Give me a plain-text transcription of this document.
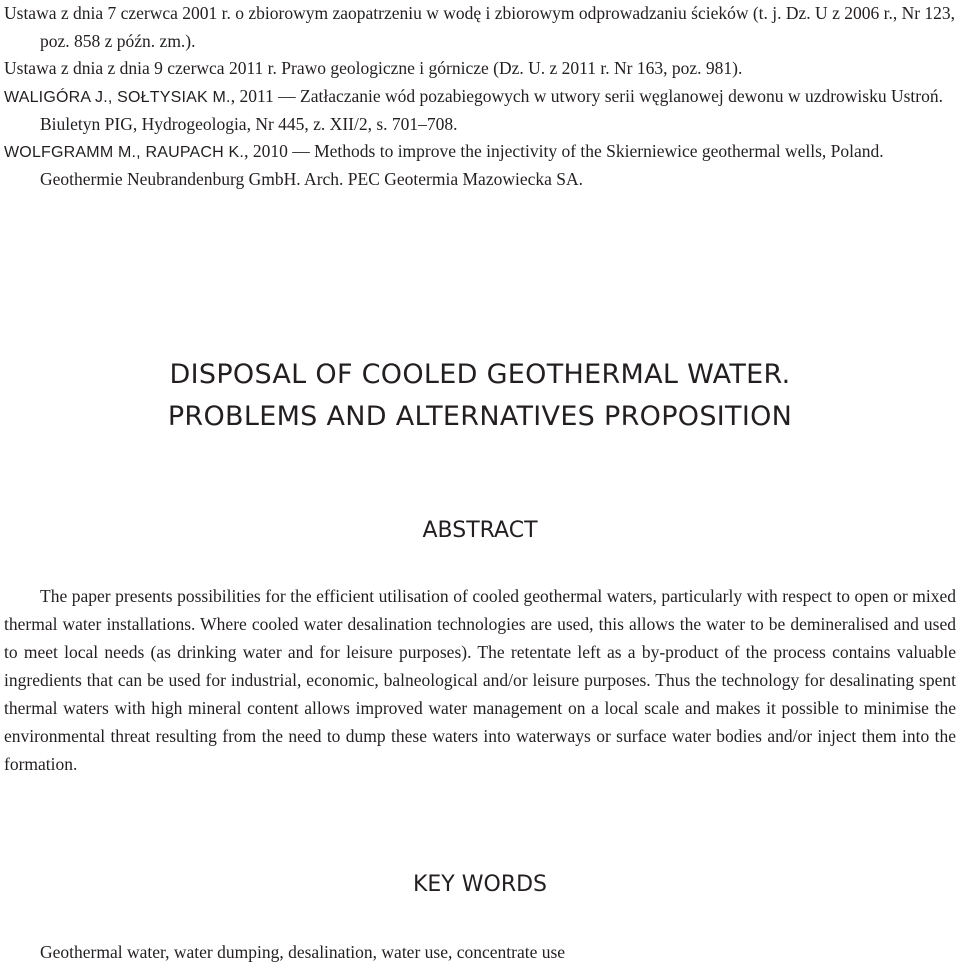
Ustawa z dnia 7 czerwca 2001 r. o zbiorowym zaopatrzeniu w wodę i zbiorowym odprowadzaniu ścieków (t. j. Dz. U z 2006 r., Nr 123, poz. 858 z późn. zm.).

Ustawa z dnia z dnia 9 czerwca 2011 r. Prawo geologiczne i górnicze (Dz. U. z 2011 r. Nr 163, poz. 981).

WALIGÓRA J., SOŁTYSIAK M., 2011 — Zatłaczanie wód pozabiegowych w utwory serii węglanowej dewonu w uzdrowisku Ustroń. Biuletyn PIG, Hydrogeologia, Nr 445, z. XII/2, s. 701–708.

WOLFGRAMM M., RAUPACH K., 2010 — Methods to improve the injectivity of the Skierniewice geothermal wells, Poland. Geothermie Neubrandenburg GmbH. Arch. PEC Geotermia Mazowiecka SA.

DISPOSAL OF COOLED GEOTHERMAL WATER.
PROBLEMS AND ALTERNATIVES PROPOSITION
ABSTRACT

The paper presents possibilities for the efficient utilisation of cooled geothermal waters, particularly with respect to open or mixed thermal water installations. Where cooled water desalination technologies are used, this allows the water to be demineralised and used to meet local needs (as drinking water and for leisure purposes). The retentate left as a by-product of the process contains valuable ingredients that can be used for industrial, economic, balneological and/or leisure purposes. Thus the technology for desalinating spent thermal waters with high mineral content allows improved water management on a local scale and makes it possible to minimise the environmental threat resulting from the need to dump these waters into waterways or surface water bodies and/or inject them into the formation.

KEY WORDS

Geothermal water, water dumping, desalination, water use, concentrate use
